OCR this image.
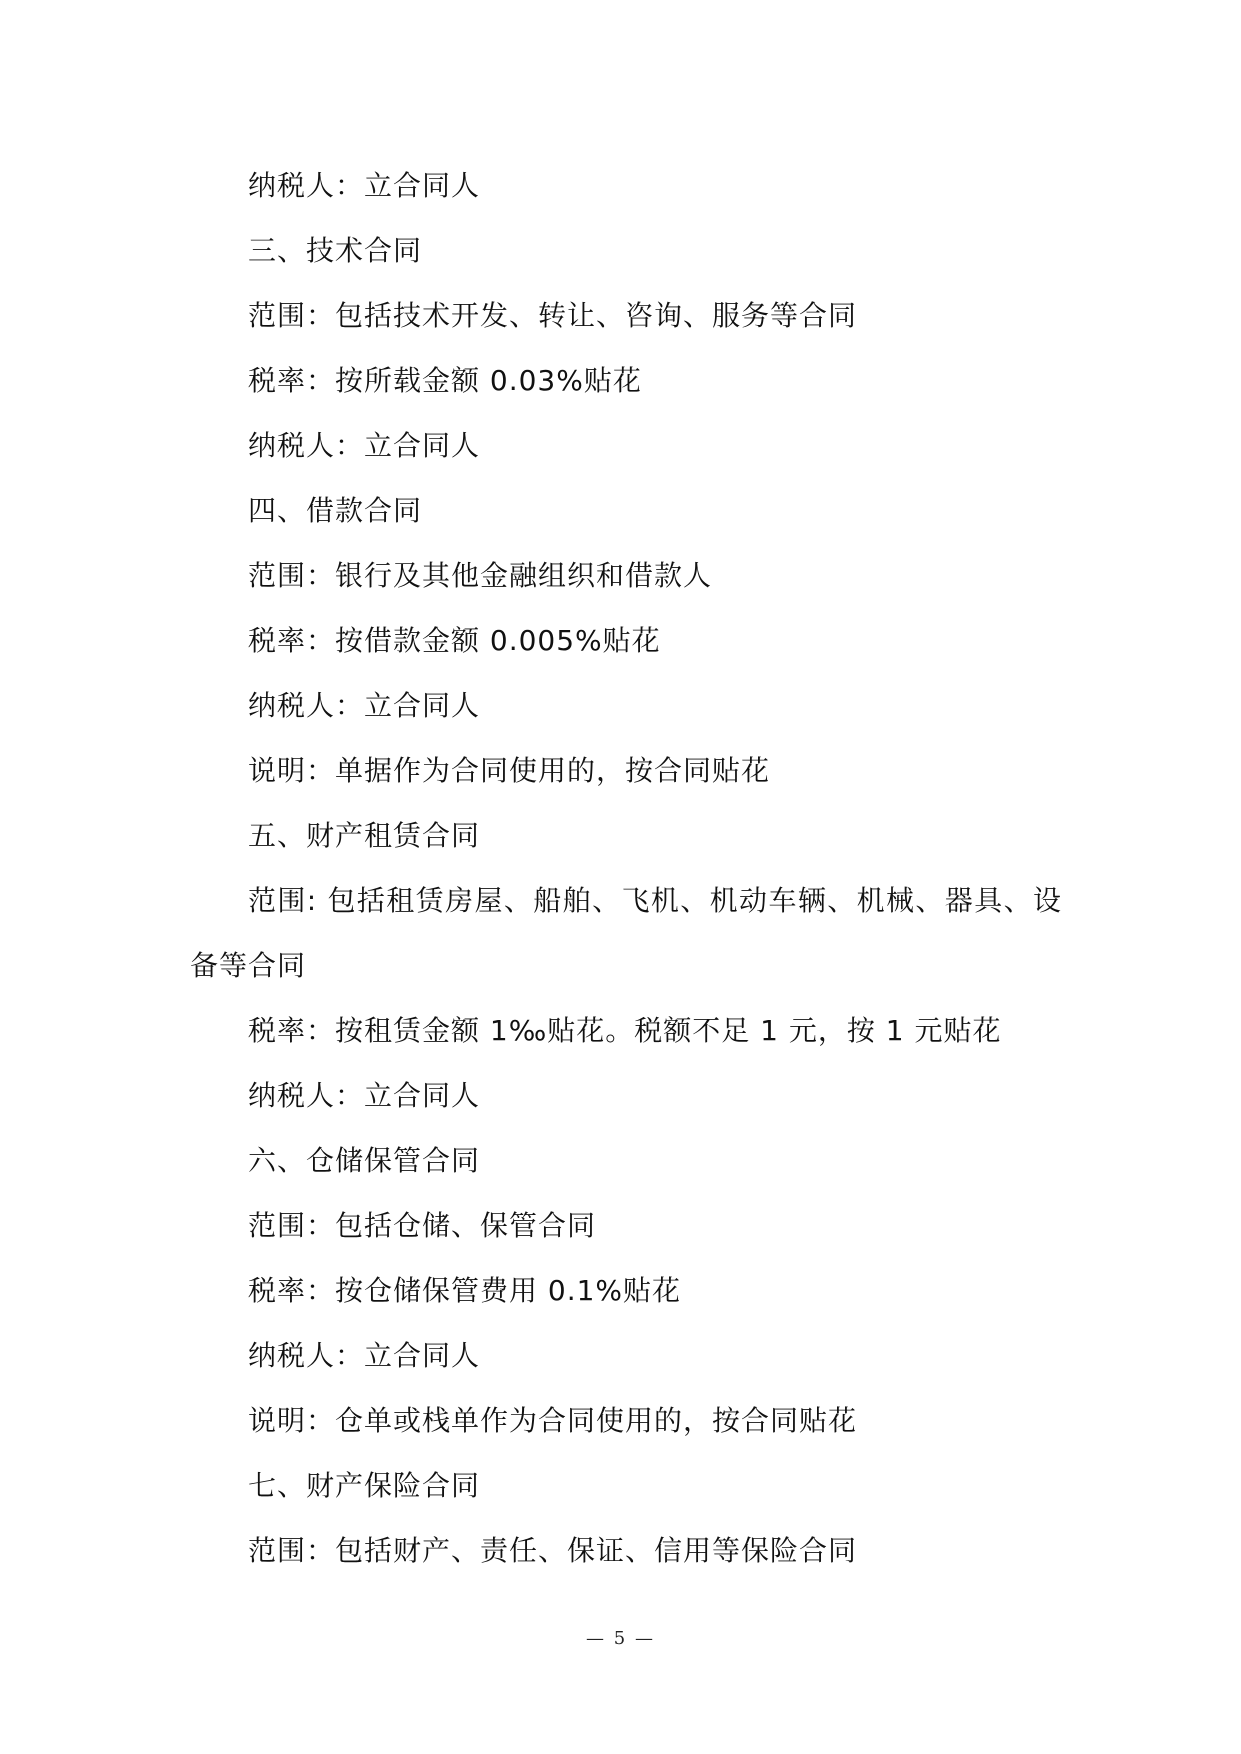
纳税人：立合同人
三、技术合同
范围：包括技术开发、转让、咨询、服务等合同
税率：按所载金额 0.03%贴花
纳税人：立合同人
四、借款合同
范围：银行及其他金融组织和借款人
税率：按借款金额 0.005%贴花
纳税人：立合同人
说明：单据作为合同使用的，按合同贴花
五、财产租赁合同
范围: 包括租赁房屋、船舶、飞机、机动车辆、机械、器具、设
备等合同
税率：按租赁金额 1‰贴花。税额不足 1 元，按 1 元贴花
纳税人：立合同人
六、仓储保管合同
范围：包括仓储、保管合同
税率：按仓储保管费用 0.1%贴花
纳税人：立合同人
说明：仓单或栈单作为合同使用的，按合同贴花
七、财产保险合同
范围：包括财产、责任、保证、信用等保险合同
— 5 —
